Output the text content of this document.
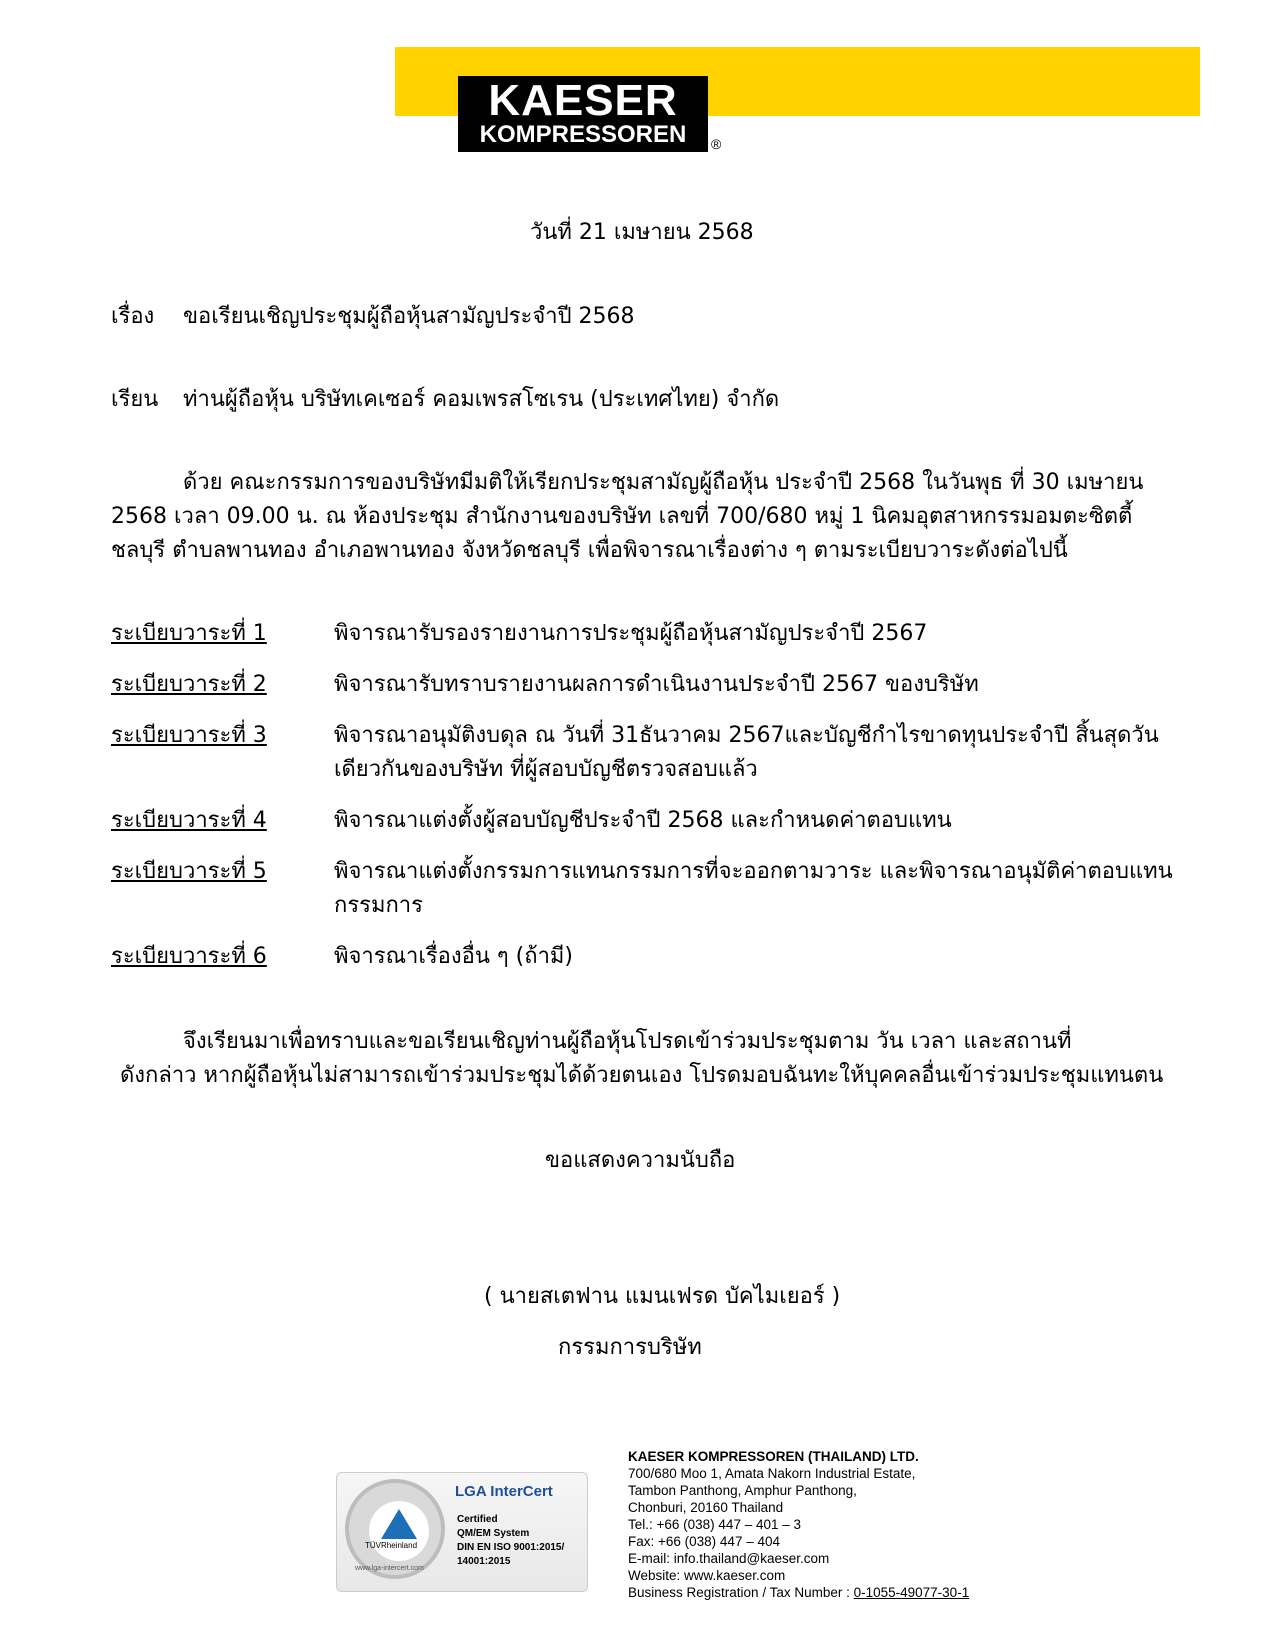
KAESER
KOMPRESSOREN	®
วันที่ 21 เมษายน 2568
เรื่อง ขอเรียนเชิญประชุมผู้ถือหุ้นสามัญประจำปี 2568
เรียน ท่านผู้ถือหุ้น บริษัทเคเซอร์ คอมเพรสโซเรน (ประเทศไทย) จำกัด
ด้วย คณะกรรมการของบริษัทมีมติให้เรียกประชุมสามัญผู้ถือหุ้น ประจำปี 2568 ในวันพุธ ที่ 30 เมษายน
2568 เวลา 09.00 น. ณ ห้องประชุม สำนักงานของบริษัท เลขที่ 700/680 หมู่ 1 นิคมอุตสาหกรรมอมตะซิตตี้
ชลบุรี ตำบลพานทอง อำเภอพานทอง จังหวัดชลบุรี เพื่อพิจารณาเรื่องต่าง ๆ ตามระเบียบวาระดังต่อไปนี้
ระเบียบวาระที่ 1	พิจารณารับรองรายงานการประชุมผู้ถือหุ้นสามัญประจำปี 2567
ระเบียบวาระที่ 2	พิจารณารับทราบรายงานผลการดำเนินงานประจำปี 2567 ของบริษัท
ระเบียบวาระที่ 3	พิจารณาอนุมัติงบดุล ณ วันที่ 31ธันวาคม 2567และบัญชีกำไรขาดทุนประจำปี สิ้นสุดวัน
เดียวกันของบริษัท ที่ผู้สอบบัญชีตรวจสอบแล้ว
ระเบียบวาระที่ 4	พิจารณาแต่งตั้งผู้สอบบัญชีประจำปี 2568 และกำหนดค่าตอบแทน
ระเบียบวาระที่ 5	พิจารณาแต่งตั้งกรรมการแทนกรรมการที่จะออกตามวาระ และพิจารณาอนุมัติค่าตอบแทน
กรรมการ
ระเบียบวาระที่ 6	พิจารณาเรื่องอื่น ๆ (ถ้ามี)
จึงเรียนมาเพื่อทราบและขอเรียนเชิญท่านผู้ถือหุ้นโปรดเข้าร่วมประชุมตาม วัน เวลา และสถานที่
ดังกล่าว หากผู้ถือหุ้นไม่สามารถเข้าร่วมประชุมได้ด้วยตนเอง โปรดมอบฉันทะให้บุคคลอื่นเข้าร่วมประชุมแทนตน
ขอแสดงความนับถือ
( นายสเตฟาน แมนเฟรด บัคไมเยอร์ )
กรรมการบริษัท
TÜVRheinland
www.lga-intercert.com
LGA InterCert
Certified
QM/EM System
DIN EN ISO 9001:2015/
14001:2015
KAESER KOMPRESSOREN (THAILAND) LTD.
700/680 Moo 1, Amata Nakorn Industrial Estate,
Tambon Panthong, Amphur Panthong,
Chonburi, 20160 Thailand
Tel.: +66 (038) 447 – 401 – 3
Fax: +66 (038) 447 – 404
E-mail: info.thailand@kaeser.com
Website: www.kaeser.com
Business Registration / Tax Number : 0-1055-49077-30-1
